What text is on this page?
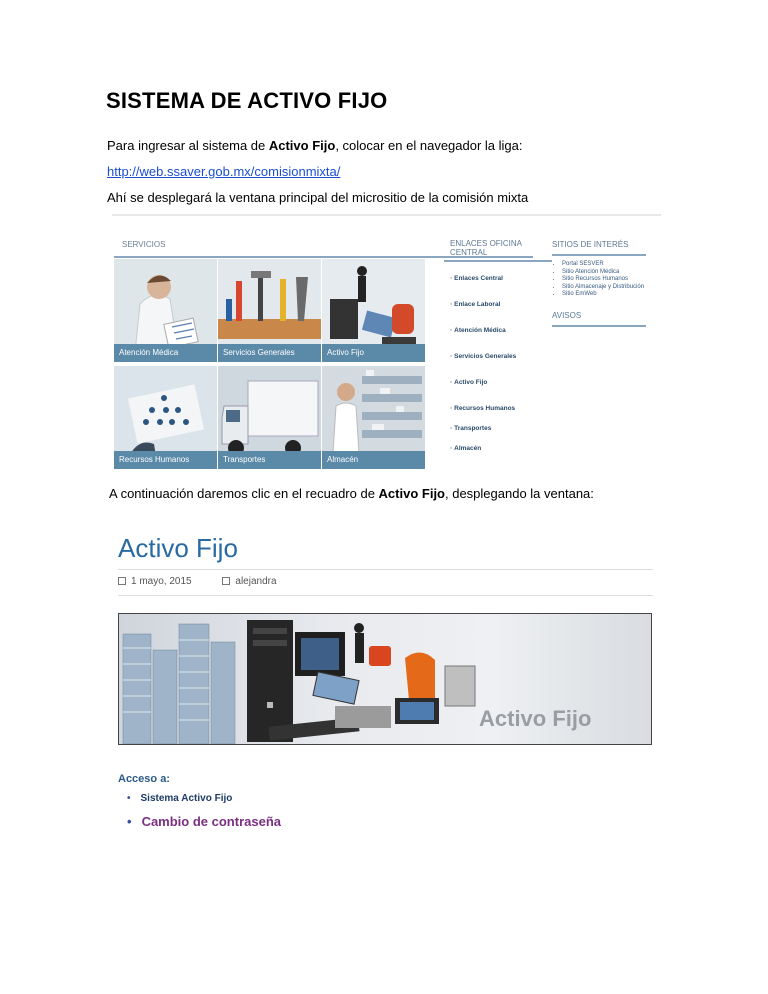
SISTEMA DE ACTIVO FIJO
Para ingresar al sistema de Activo Fijo, colocar en el navegador la liga:
http://web.ssaver.gob.mx/comisionmixta/
Ahí se desplegará la ventana principal del micrositio de la comisión mixta
SERVICIOS
Atención Médica	Servicios Generales	Activo Fijo
Recursos Humanos	Transportes	Almacén
ENLACES OFICINA CENTRAL
▫ Enlaces Central
▫ Enlace Laboral
▫ Atención Médica
▫ Servicios Generales
▫ Activo Fijo
▫ Recursos Humanos
▫ Transportes
▫ Almacén
SITIOS DE INTERÉS
• Portal SESVER
• Sitio Atención Médica
• Sitio Recursos Humanos
• Sitio Almacenaje y Distribución
• Sitio EmWeb
AVISOS
A continuación daremos clic en el recuadro de Activo Fijo, desplegando la ventana:
Activo Fijo
1 mayo, 2015	alejandra
Activo Fijo
Acceso a:
• Sistema Activo Fijo
• Cambio de contraseña
